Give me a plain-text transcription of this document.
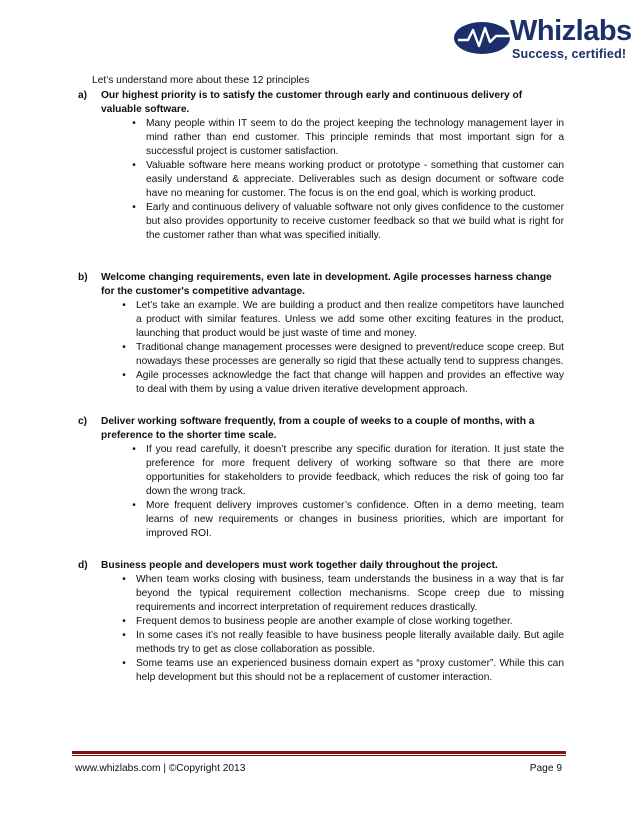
Whizlabs
Success, certified!
Let’s understand more about these 12 principles
a)	Our highest priority is to satisfy the customer through early and continuous delivery of valuable software.
•	Many people within IT seem to do the project keeping the technology management layer in mind rather than end customer. This principle reminds that most important sign for a successful project is customer satisfaction.
•	Valuable software here means working product or prototype - something that customer can easily understand & appreciate. Deliverables such as design document or software code have no meaning for customer. The focus is on the end goal, which is working product.
•	Early and continuous delivery of valuable software not only gives confidence to the customer but also provides opportunity to receive customer feedback so that we build what is right for the customer rather than what was specified initially.
b)	Welcome changing requirements, even late in development. Agile processes harness change for the customer's competitive advantage.
•	Let’s take an example. We are building a product and then realize competitors have launched a product with similar features. Unless we add some other exciting features in the product, launching that product would be just waste of time and money.
•	Traditional change management processes were designed to prevent/reduce scope creep. But nowadays these processes are generally so rigid that these actually tend to suppress changes.
•	Agile processes acknowledge the fact that change will happen and provides an effective way to deal with them by using a value driven iterative development approach.
c)	Deliver working software frequently, from a couple of weeks to a couple of months, with a preference to the shorter time scale.
•	If you read carefully, it doesn’t prescribe any specific duration for iteration. It just state the preference for more frequent delivery of working software so that there are more opportunities for stakeholders to provide feedback, which reduces the risk of going too far down the wrong track.
•	More frequent delivery improves customer’s confidence. Often in a demo meeting, team learns of new requirements or changes in business priorities, which are important for improved ROI.
d)	Business people and developers must work together daily throughout the project.
•	When team works closing with business, team understands the business in a way that is far beyond the typical requirement collection mechanisms. Scope creep due to missing requirements and incorrect interpretation of requirement reduces drastically.
•	Frequent demos to business people are another example of close working together.
•	In some cases it’s not really feasible to have business people literally available daily. But agile methods try to get as close collaboration as possible.
•	Some teams use an experienced business domain expert as “proxy customer”. While this can help development but this should not be a replacement of customer interaction.
www.whizlabs.com | ©Copyright 2013	Page 9
